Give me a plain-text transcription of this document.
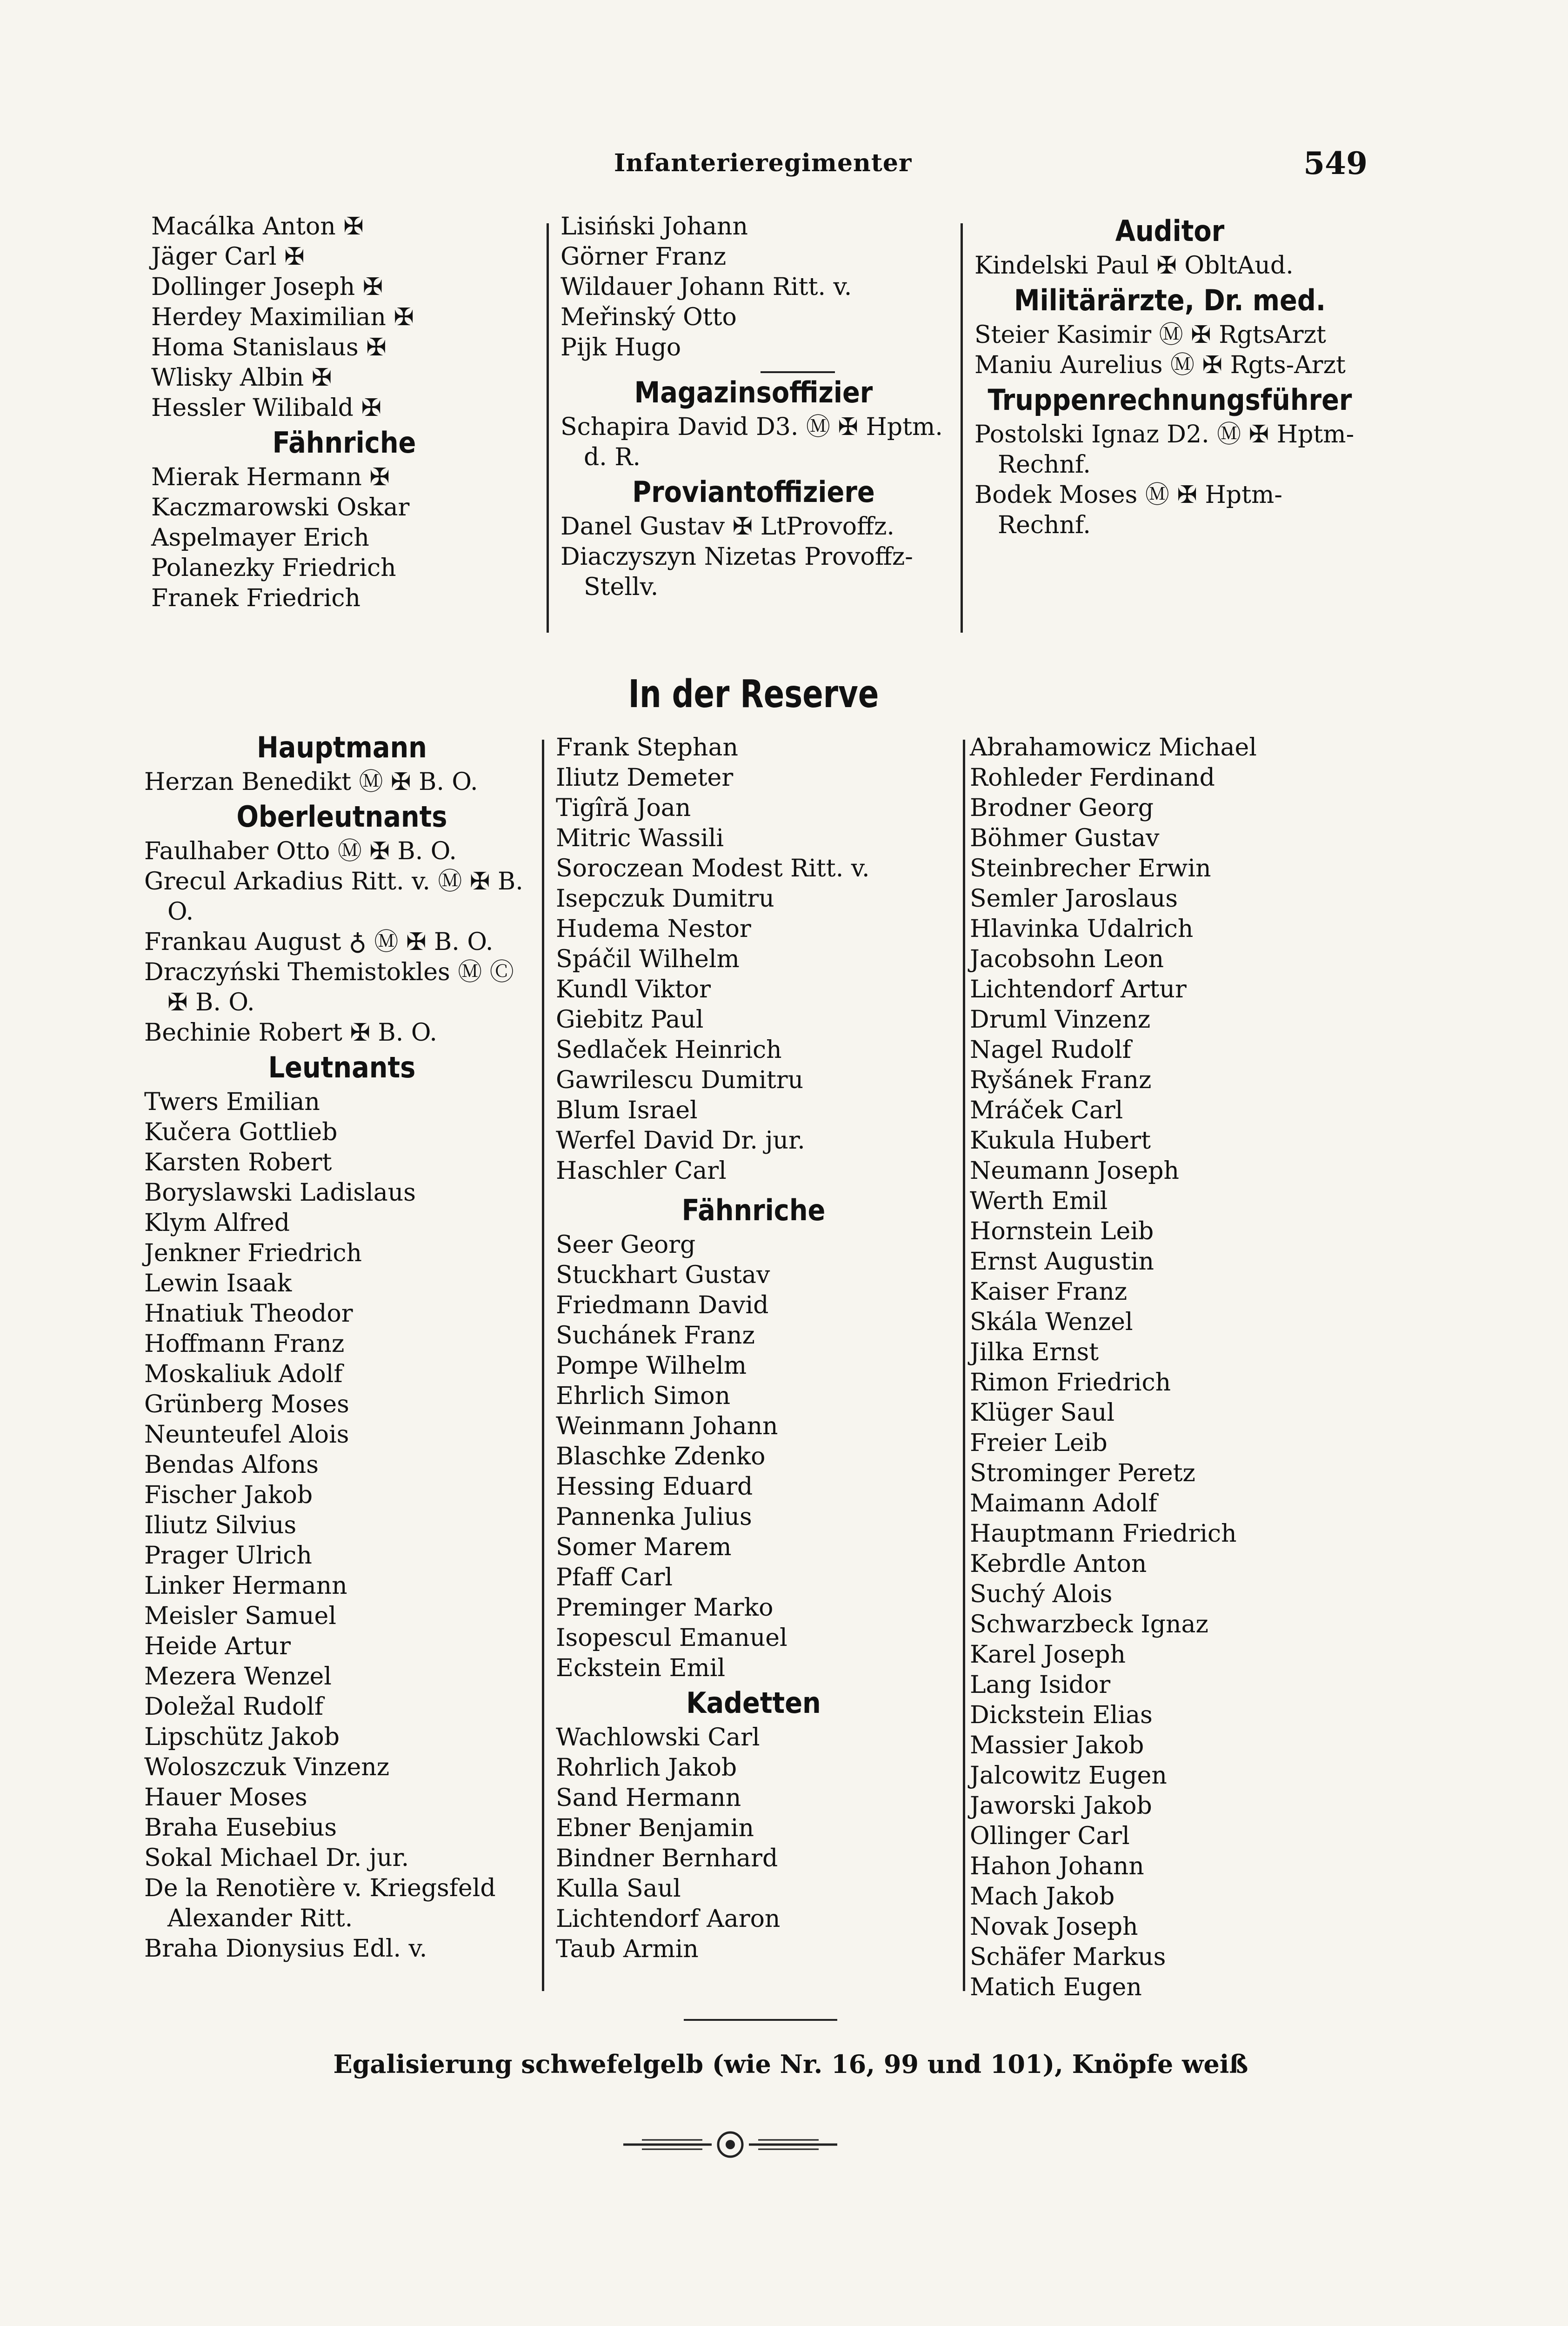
Infanterieregimenter	549
Macálka Anton ✠
Jäger Carl ✠
Dollinger Joseph ✠
Herdey Maximilian ✠
Homa Stanislaus ✠
Wlisky Albin ✠
Hessler Wilibald ✠
Fähnriche
Mierak Hermann ✠
Kaczmarowski Oskar
Aspelmayer Erich
Polanezky Friedrich
Franek Friedrich
Lisiński Johann
Görner Franz
Wildauer Johann Ritt. v.
Meřinský Otto
Pijk Hugo
Magazinsoffizier
Schapira David D3. Ⓜ ✠ Hptm. d. R.
Proviantoffiziere
Danel Gustav ✠ LtProvoffz.
Diaczyszyn Nizetas Provoffz-Stellv.
Auditor
Kindelski Paul ✠ ObltAud.
Militärärzte, Dr. med.
Steier Kasimir Ⓜ ✠ RgtsArzt
Maniu Aurelius Ⓜ ✠ Rgts-Arzt
Truppenrechnungsführer
Postolski Ignaz D2. Ⓜ ✠ Hptm-Rechnf.
Bodek Moses Ⓜ ✠ Hptm-Rechnf.
In der Reserve
Hauptmann
Herzan Benedikt Ⓜ ✠ B. O.
Oberleutnants
Faulhaber Otto Ⓜ ✠ B. O.
Grecul Arkadius Ritt. v. Ⓜ ✠ B. O.
Frankau August ♁ Ⓜ ✠ B. O.
Draczyński Themistokles Ⓜ Ⓒ ✠ B. O.
Bechinie Robert ✠ B. O.
Leutnants
Twers Emilian
Kučera Gottlieb
Karsten Robert
Boryslawski Ladislaus
Klym Alfred
Jenkner Friedrich
Lewin Isaak
Hnatiuk Theodor
Hoffmann Franz
Moskaliuk Adolf
Grünberg Moses
Neunteufel Alois
Bendas Alfons
Fischer Jakob
Iliutz Silvius
Prager Ulrich
Linker Hermann
Meisler Samuel
Heide Artur
Mezera Wenzel
Doležal Rudolf
Lipschütz Jakob
Woloszczuk Vinzenz
Hauer Moses
Braha Eusebius
Sokal Michael Dr. jur.
De la Renotière v. Kriegsfeld Alexander Ritt.
Braha Dionysius Edl. v.
Frank Stephan
Iliutz Demeter
Tigîră Joan
Mitric Wassili
Soroczean Modest Ritt. v.
Isepczuk Dumitru
Hudema Nestor
Spáčil Wilhelm
Kundl Viktor
Giebitz Paul
Sedlaček Heinrich
Gawrilescu Dumitru
Blum Israel
Werfel David Dr. jur.
Haschler Carl
Fähnriche
Seer Georg
Stuckhart Gustav
Friedmann David
Suchánek Franz
Pompe Wilhelm
Ehrlich Simon
Weinmann Johann
Blaschke Zdenko
Hessing Eduard
Pannenka Julius
Somer Marem
Pfaff Carl
Preminger Marko
Isopescul Emanuel
Eckstein Emil
Kadetten
Wachlowski Carl
Rohrlich Jakob
Sand Hermann
Ebner Benjamin
Bindner Bernhard
Kulla Saul
Lichtendorf Aaron
Taub Armin
Abrahamowicz Michael
Rohleder Ferdinand
Brodner Georg
Böhmer Gustav
Steinbrecher Erwin
Semler Jaroslaus
Hlavinka Udalrich
Jacobsohn Leon
Lichtendorf Artur
Druml Vinzenz
Nagel Rudolf
Ryšánek Franz
Mráček Carl
Kukula Hubert
Neumann Joseph
Werth Emil
Hornstein Leib
Ernst Augustin
Kaiser Franz
Skála Wenzel
Jilka Ernst
Rimon Friedrich
Klüger Saul
Freier Leib
Strominger Peretz
Maimann Adolf
Hauptmann Friedrich
Kebrdle Anton
Suchý Alois
Schwarzbeck Ignaz
Karel Joseph
Lang Isidor
Dickstein Elias
Massier Jakob
Jalcowitz Eugen
Jaworski Jakob
Ollinger Carl
Hahon Johann
Mach Jakob
Novak Joseph
Schäfer Markus
Matich Eugen
Egalisierung schwefelgelb (wie Nr. 16, 99 und 101), Knöpfe weiß
